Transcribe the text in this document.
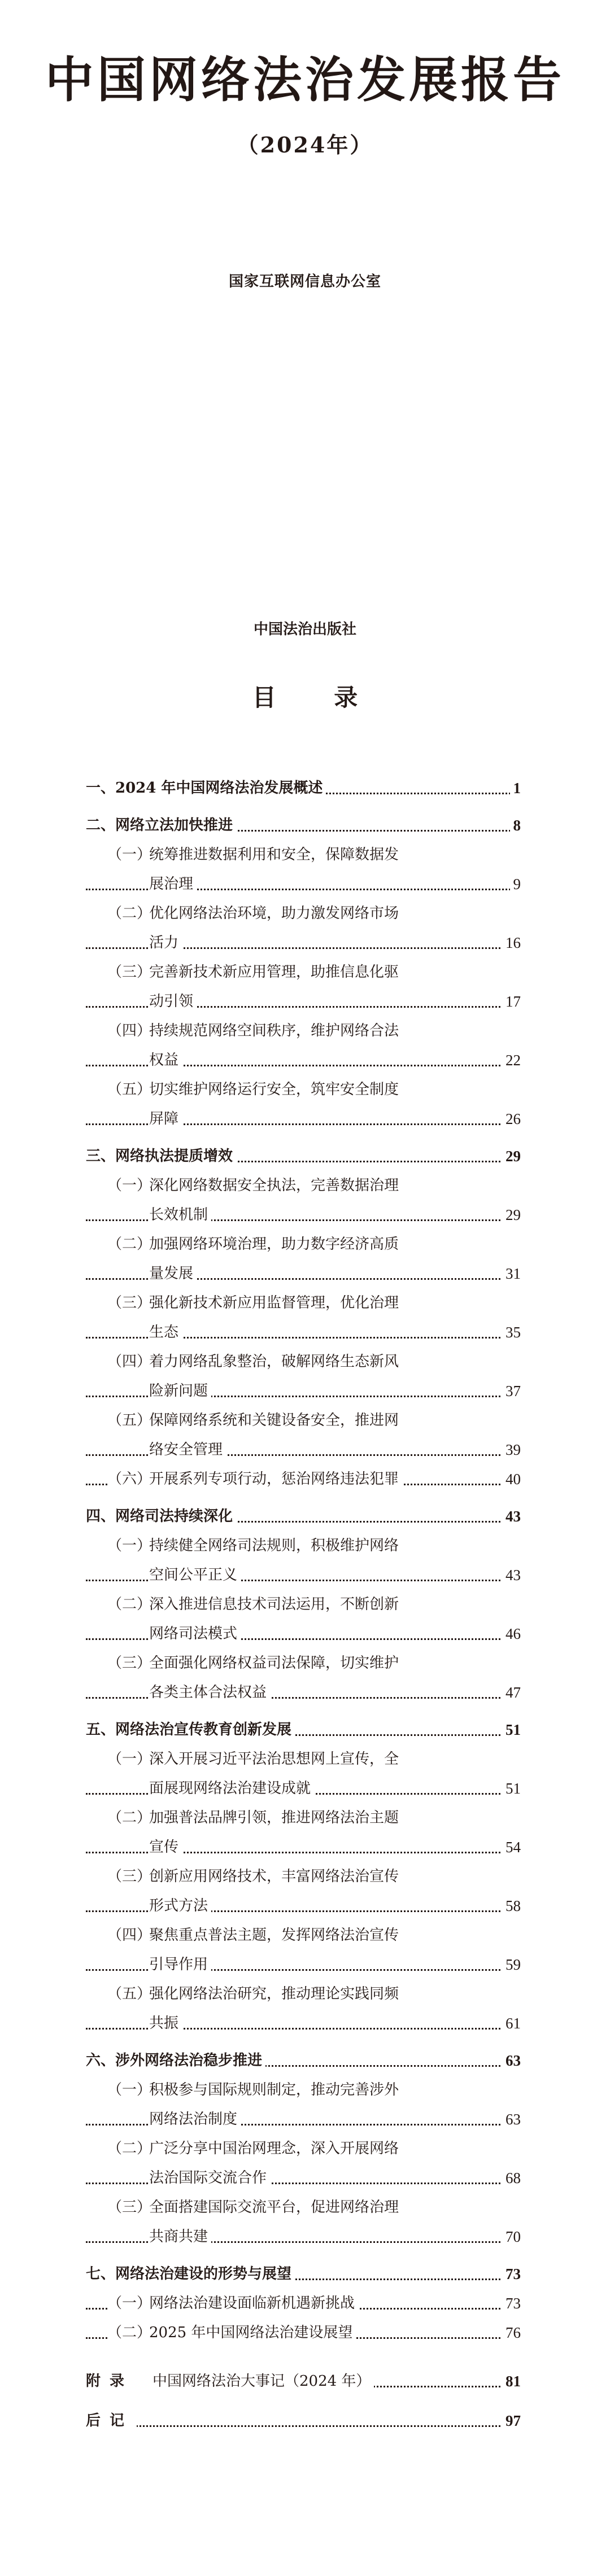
中国网络法治发展报告
（2024年）
国家互联网信息办公室
中国法治出版社
目 录
一、2024 年中国网络法治发展概述	1
二、网络立法加快推进	8
（一）统筹推进数据利用和安全，保障数据发
展治理	9
（二）优化网络法治环境，助力激发网络市场
活力	16
（三）完善新技术新应用管理，助推信息化驱
动引领	17
（四）持续规范网络空间秩序，维护网络合法
权益	22
（五）切实维护网络运行安全，筑牢安全制度
屏障	26
三、网络执法提质增效	29
（一）深化网络数据安全执法，完善数据治理
长效机制	29
（二）加强网络环境治理，助力数字经济高质
量发展	31
（三）强化新技术新应用监督管理，优化治理
生态	35
（四）着力网络乱象整治，破解网络生态新风
险新问题	37
（五）保障网络系统和关键设备安全，推进网
络安全管理	39
（六）开展系列专项行动，惩治网络违法犯罪	40
四、网络司法持续深化	43
（一）持续健全网络司法规则，积极维护网络
空间公平正义	43
（二）深入推进信息技术司法运用，不断创新
网络司法模式	46
（三）全面强化网络权益司法保障，切实维护
各类主体合法权益	47
五、网络法治宣传教育创新发展	51
（一）深入开展习近平法治思想网上宣传，全
面展现网络法治建设成就	51
（二）加强普法品牌引领，推进网络法治主题
宣传	54
（三）创新应用网络技术，丰富网络法治宣传
形式方法	58
（四）聚焦重点普法主题，发挥网络法治宣传
引导作用	59
（五）强化网络法治研究，推动理论实践同频
共振	61
六、涉外网络法治稳步推进	63
（一）积极参与国际规则制定，推动完善涉外
网络法治制度	63
（二）广泛分享中国治网理念，深入开展网络
法治国际交流合作	68
（三）全面搭建国际交流平台，促进网络治理
共商共建	70
七、网络法治建设的形势与展望	73
（一）网络法治建设面临新机遇新挑战	73
（二）2025 年中国网络法治建设展望	76
附录 中国网络法治大事记（2024 年）	81
后记	97
